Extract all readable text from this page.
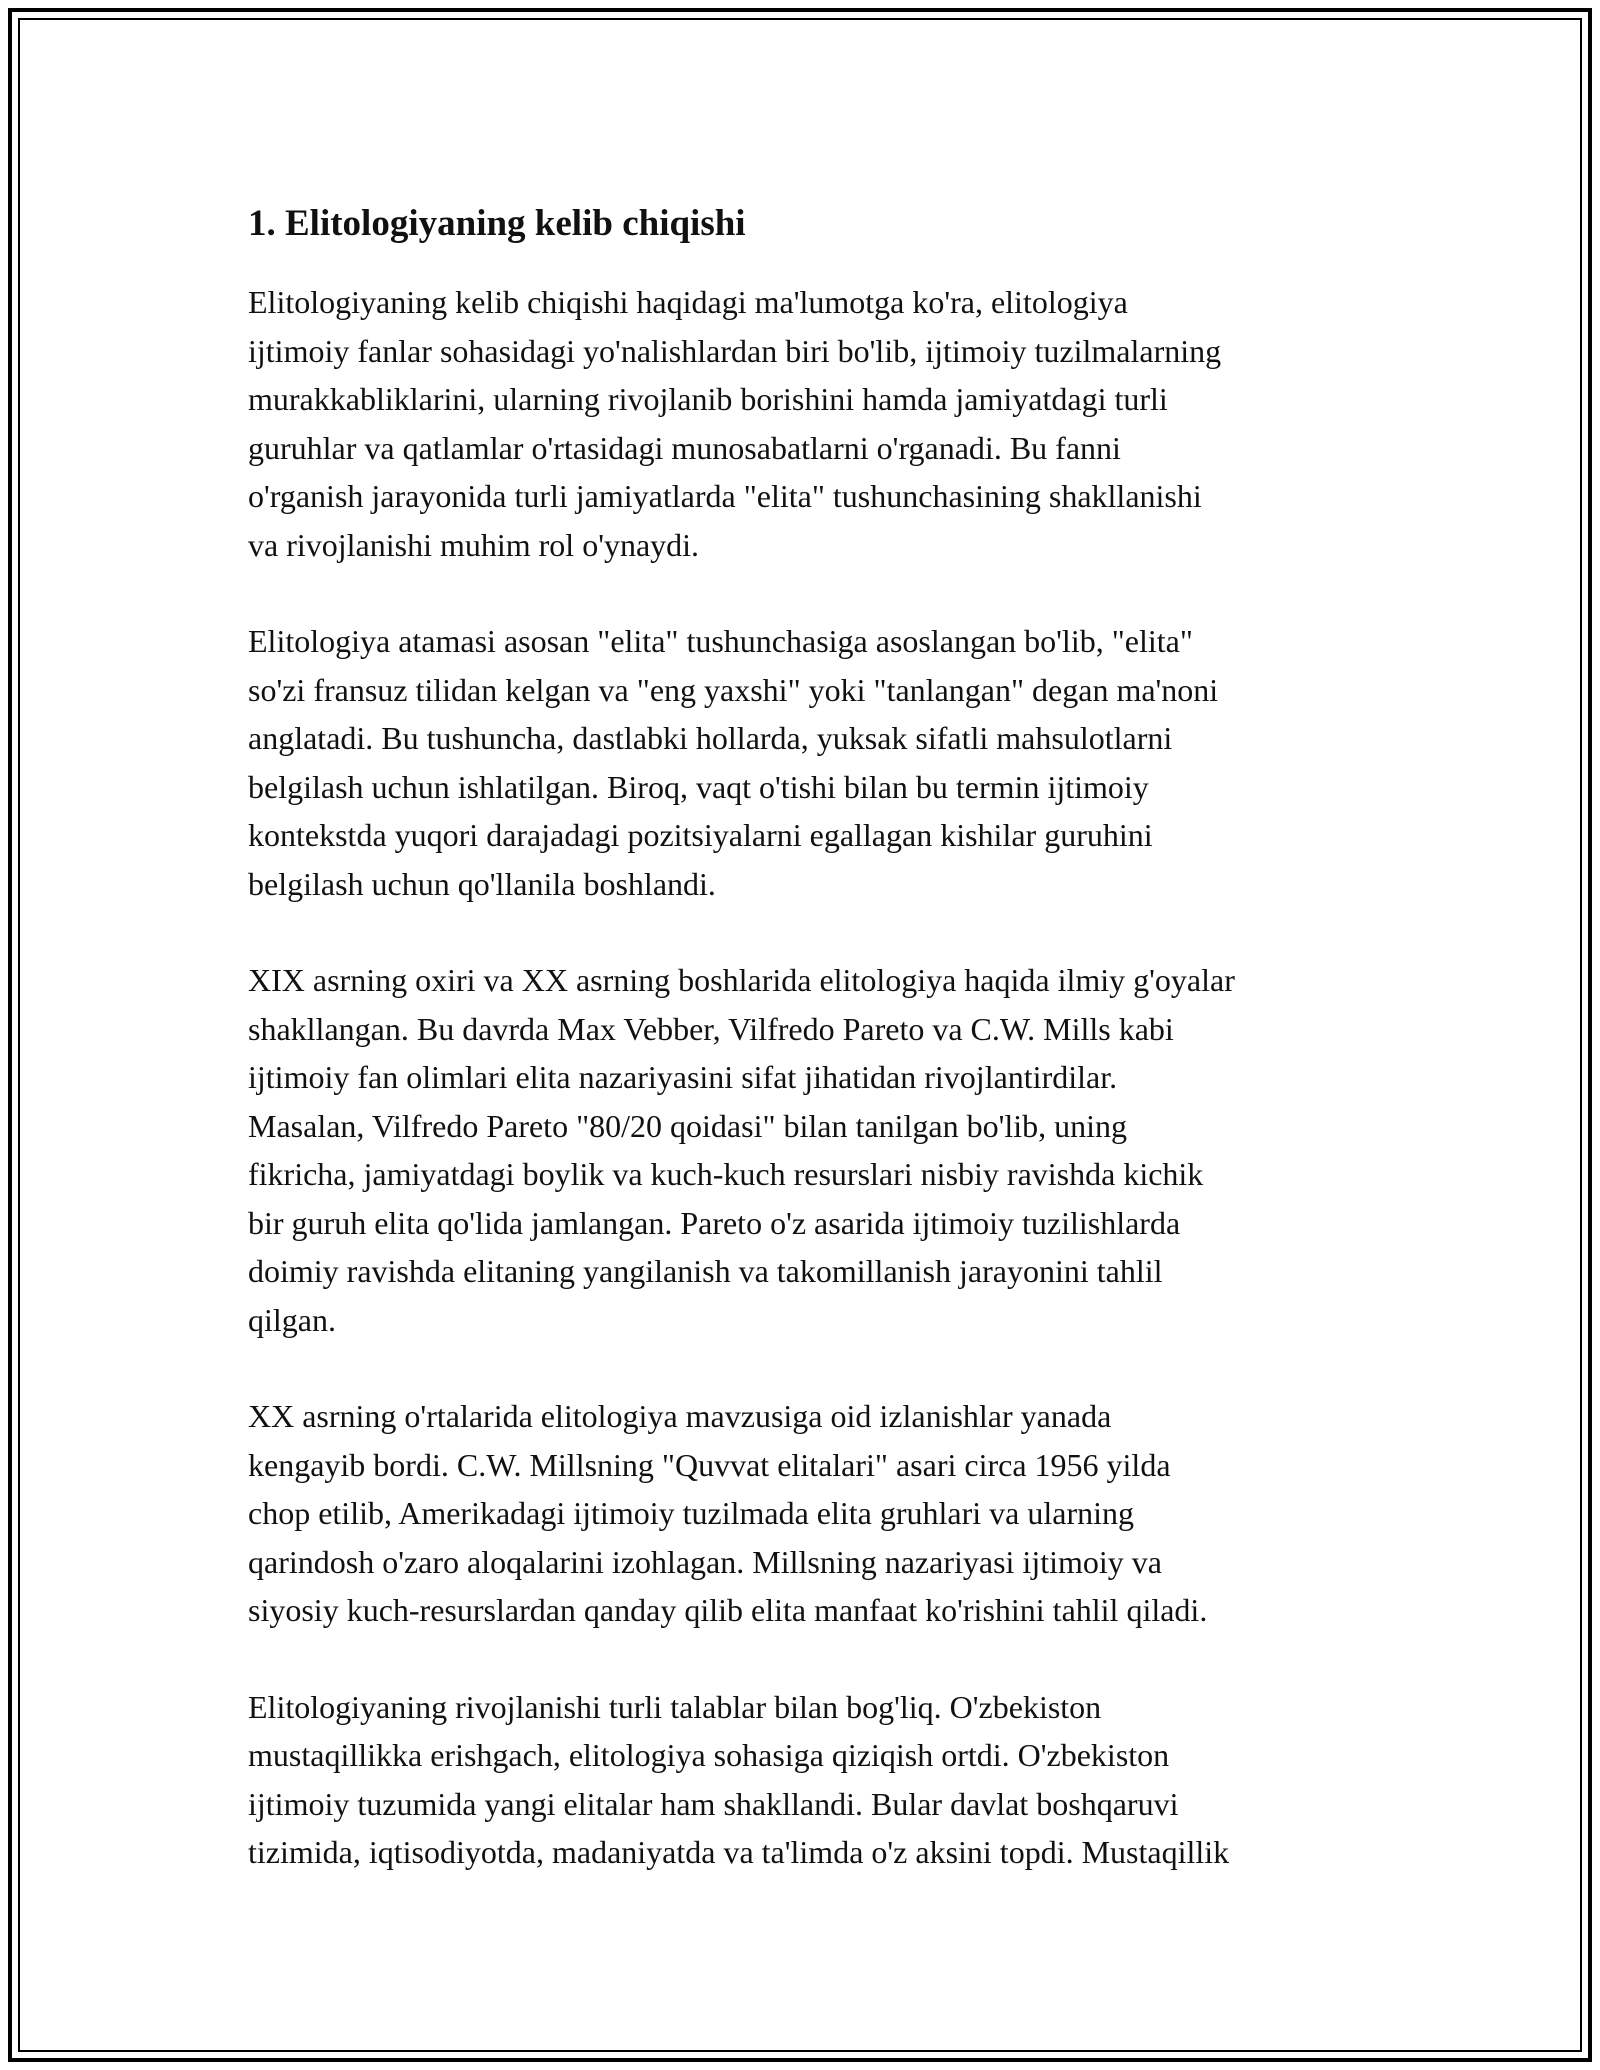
1. Elitologiyaning kelib chiqishi

Elitologiyaning kelib chiqishi haqidagi ma'lumotga ko'ra, elitologiya
ijtimoiy fanlar sohasidagi yo'nalishlardan biri bo'lib, ijtimoiy tuzilmalarning
murakkabliklarini, ularning rivojlanib borishini hamda jamiyatdagi turli
guruhlar va qatlamlar o'rtasidagi munosabatlarni o'rganadi. Bu fanni
o'rganish jarayonida turli jamiyatlarda "elita" tushunchasining shakllanishi
va rivojlanishi muhim rol o'ynaydi.

Elitologiya atamasi asosan "elita" tushunchasiga asoslangan bo'lib, "elita"
so'zi fransuz tilidan kelgan va "eng yaxshi" yoki "tanlangan" degan ma'noni
anglatadi. Bu tushuncha, dastlabki hollarda, yuksak sifatli mahsulotlarni
belgilash uchun ishlatilgan. Biroq, vaqt o'tishi bilan bu termin ijtimoiy
kontekstda yuqori darajadagi pozitsiyalarni egallagan kishilar guruhini
belgilash uchun qo'llanila boshlandi.

XIX asrning oxiri va XX asrning boshlarida elitologiya haqida ilmiy g'oyalar
shakllangan. Bu davrda Max Vebber, Vilfredo Pareto va C.W. Mills kabi
ijtimoiy fan olimlari elita nazariyasini sifat jihatidan rivojlantirdilar.
Masalan, Vilfredo Pareto "80/20 qoidasi" bilan tanilgan bo'lib, uning
fikricha, jamiyatdagi boylik va kuch-kuch resurslari nisbiy ravishda kichik
bir guruh elita qo'lida jamlangan. Pareto o'z asarida ijtimoiy tuzilishlarda
doimiy ravishda elitaning yangilanish va takomillanish jarayonini tahlil
qilgan.

XX asrning o'rtalarida elitologiya mavzusiga oid izlanishlar yanada
kengayib bordi. C.W. Millsning "Quvvat elitalari" asari circa 1956 yilda
chop etilib, Amerikadagi ijtimoiy tuzilmada elita gruhlari va ularning
qarindosh o'zaro aloqalarini izohlagan. Millsning nazariyasi ijtimoiy va
siyosiy kuch-resurslardan qanday qilib elita manfaat ko'rishini tahlil qiladi.

Elitologiyaning rivojlanishi turli talablar bilan bog'liq. O'zbekiston
mustaqillikka erishgach, elitologiya sohasiga qiziqish ortdi. O'zbekiston
ijtimoiy tuzumida yangi elitalar ham shakllandi. Bular davlat boshqaruvi
tizimida, iqtisodiyotda, madaniyatda va ta'limda o'z aksini topdi. Mustaqillik
